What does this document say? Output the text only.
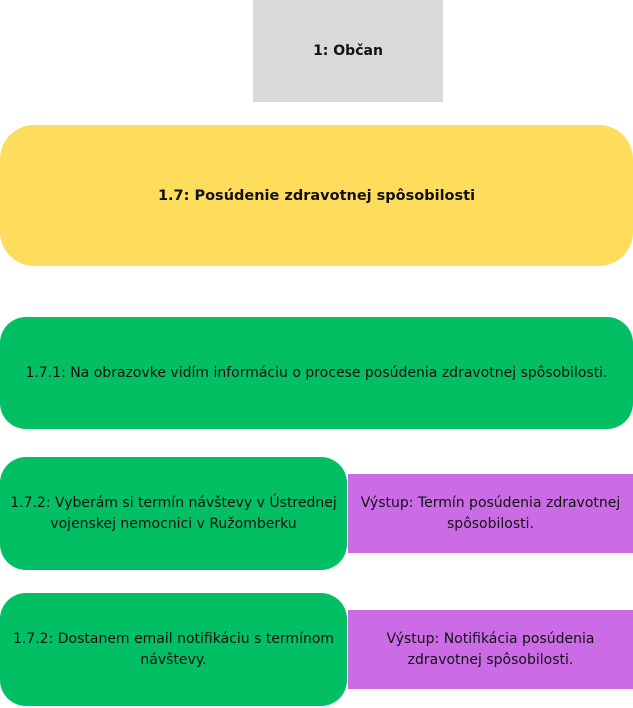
1: Občan
1.7: Posúdenie zdravotnej spôsobilosti
1.7.1: Na obrazovke vidím informáciu o procese posúdenia zdravotnej spôsobilosti.
1.7.2: Vyberám si termín návštevy v Ústrednej vojenskej nemocnici v Ružomberku
Výstup: Termín posúdenia zdravotnej spôsobilosti.
1.7.2: Dostanem email notifikáciu s termínom návštevy.
Výstup: Notifikácia posúdenia zdravotnej spôsobilosti.
